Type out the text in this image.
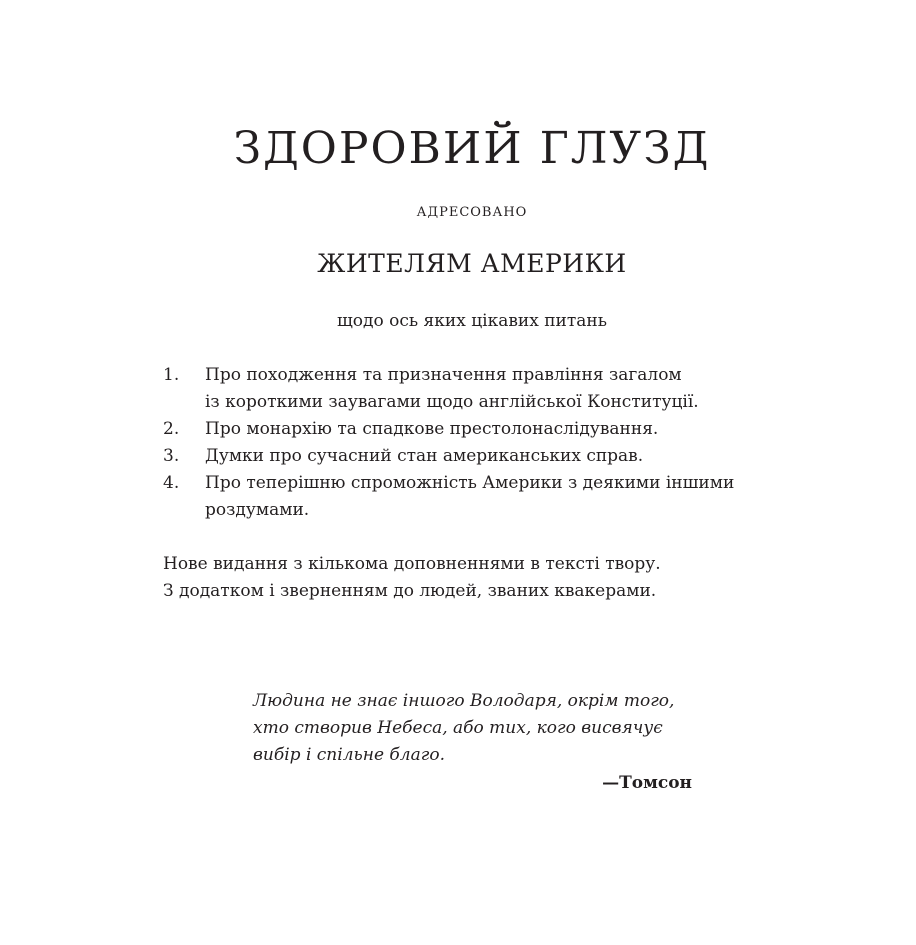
ЗДОРОВИЙ ГЛУЗД
АДРЕСОВАНО
ЖИТЕЛЯМ АМЕРИКИ
щодо ось яких цікавих питань
1. Про походження та призначення правління загалом
із короткими заувагами щодо англійської Конституції.
2. Про монархію та спадкове престолонаслідування.
3. Думки про сучасний стан американських справ.
4. Про теперішню спроможність Америки з деякими іншими
роздумами.
Нове видання з кількома доповненнями в тексті твору.
З додатком і зверненням до людей, званих квакерами.
Людина не знає іншого Володаря, окрім того,
хто створив Небеса, або тих, кого висвячує
вибір і спільне благо.
—Томсон
